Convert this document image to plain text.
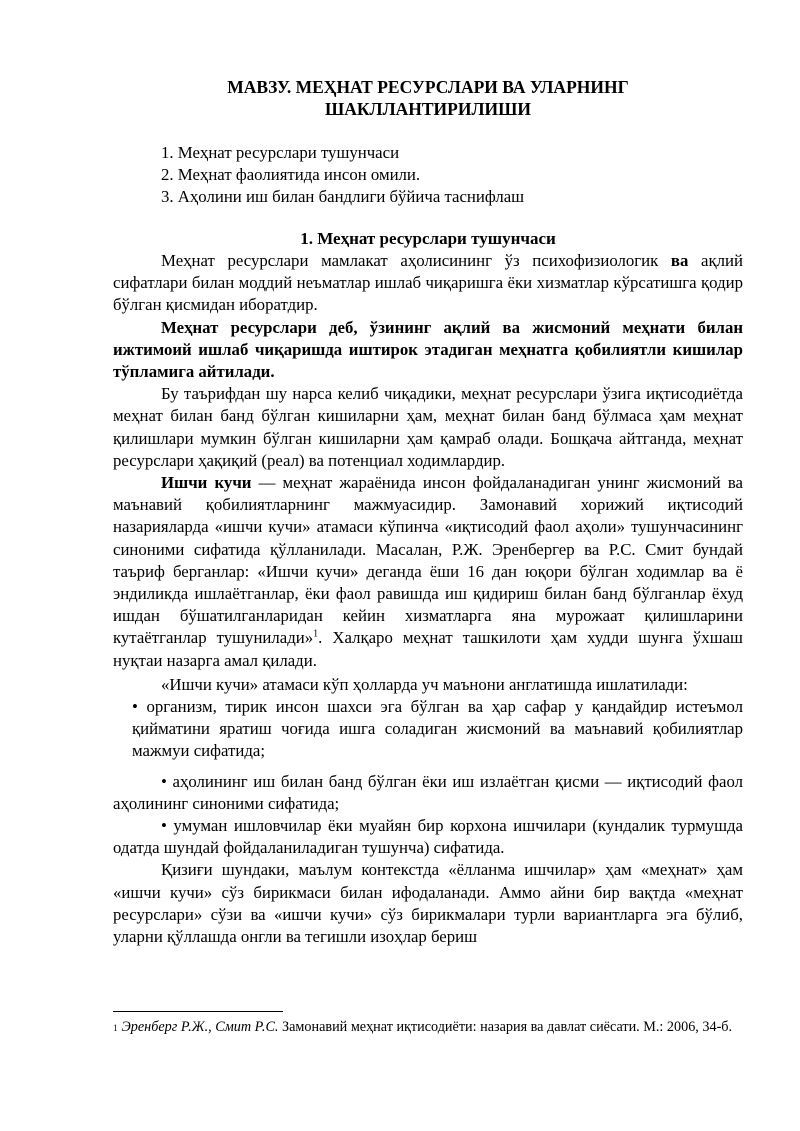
МАВЗУ. МЕҲНАТ РЕСУРСЛАРИ ВА УЛАРНИНГ
ШАКЛЛАНТИРИЛИШИ
1. Меҳнат ресурслари тушунчаси
2. Меҳнат фаолиятида инсон омили.
3. Аҳолини иш билан бандлиги бўйича таснифлаш
1. Меҳнат ресурслари тушунчаси

Меҳнат ресурслари мамлакат аҳолисининг ўз психофизиологик ва ақлий сифатлари билан моддий неъматлар ишлаб чиқаришга ёки хизматлар кўрсатишга қодир бўлган қисмидан иборатдир.

Меҳнат ресурслари деб, ўзининг ақлий ва жисмоний меҳнати билан ижтимоий ишлаб чиқаришда иштирок этадиган меҳнатга қобилиятли кишилар тўпламига айтилади.

Бу таърифдан шу нарса келиб чиқадики, меҳнат ресурслари ўзига иқтисодиётда меҳнат билан банд бўлган кишиларни ҳам, меҳнат билан банд бўлмаса ҳам меҳнат қилишлари мумкин бўлган кишиларни ҳам қамраб олади. Бошқача айтганда, меҳнат ресурслари ҳақиқий (реал) ва потенциал ходимлардир.

Ишчи кучи — меҳнат жараёнида инсон фойдаланадиган унинг жисмоний ва маънавий қобилиятларнинг мажмуасидир. Замонавий хорижий иқтисодий назарияларда «ишчи кучи» атамаси кўпинча «иқтисодий фаол аҳоли» тушунчасининг синоними сифатида қўлланилади. Масалан, Р.Ж. Эренбергер ва Р.С. Смит бундай таъриф берганлар: «Ишчи кучи» деганда ёши 16 дан юқори бўлган ходимлар ва ё эндиликда ишлаётганлар, ёки фаол равишда иш қидириш билан банд бўлганлар ёхуд ишдан бўшатилганларидан кейин хизматларга яна мурожаат қилишларини кутаётганлар тушунилади»$^1$. Халқаро меҳнат ташкилоти ҳам худди шунга ўхшаш нуқтаи назарга амал қилади.

«Ишчи кучи» атамаси кўп ҳолларда уч маънони англатишда ишлатилади:

• организм, тирик инсон шахси эга бўлган ва ҳар сафар у қандайдир истеъмол қийматини яратиш чоғида ишга соладиган жисмоний ва маънавий қобилиятлар мажмуи сифатида;

• аҳолининг иш билан банд бўлган ёки иш излаётган қисми — иқтисодий фаол аҳолининг синоними сифатида;

• умуман ишловчилар ёки муайян бир корхона ишчилари (кундалик турмушда одатда шундай фойдаланиладиган тушунча) сифатида.

Қизиғи шундаки, маълум контекстда «ёлланма ишчилар» ҳам «меҳнат» ҳам «ишчи кучи» сўз бирикмаси билан ифодаланади. Аммо айни бир вақтда «меҳнат ресурслари» сўзи ва «ишчи кучи» сўз бирикмалари турли вариантларга эга бўлиб, уларни қўллашда онгли ва тегишли изоҳлар бериш

$^1$ Эренберг Р.Ж., Смит Р.С. Замонавий меҳнат иқтисодиёти: назария ва давлат сиёсати. М.: 2006, 34-б.
